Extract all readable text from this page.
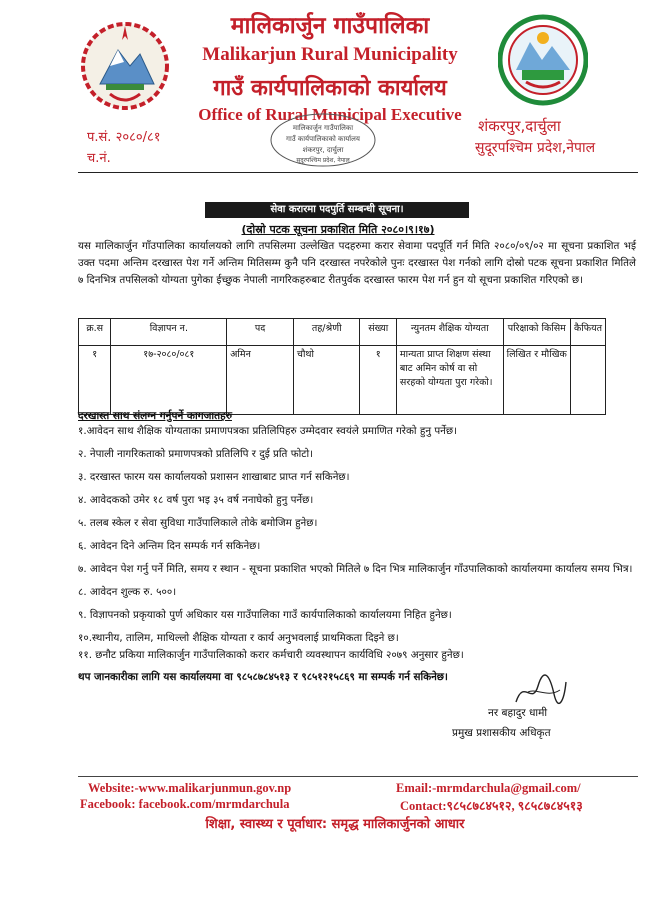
मालिकार्जुन गाउँपालिका
Malikarjun Rural Municipality
गाउँ कार्यपालिकाको कार्यालय
Office of Rural Municipal Executive
प.सं. २०८०/८१
च.नं.
शंकरपुर,दार्चुला
सुदूरपश्चिम प्रदेश,नेपाल
मालिकार्जुन गाउँपालिका
गाउँ कार्यपालिकाको कार्यालय
शंकरपुर, दार्चुला
सुदूरपश्चिम प्रदेश, नेपाल
सेवा करारमा पदपुर्ति सम्बन्धी सूचना।
(दोस्रो पटक सूचना प्रकाशित मिति २०८०।९।१७)
यस मालिकार्जुन गाँउपालिका कार्यालयको लागि तपसिलमा उल्लेखित पदहरुमा करार सेवामा पदपूर्ति गर्न मिति २०८०/०९/०२ मा सूचना प्रकाशित भई उक्त पदमा अन्तिम दरखास्त पेश गर्ने अन्तिम मितिसम्म कुनै पनि दरखास्त नपरेकोले पुनः दरखास्त पेश गर्नको लागि दोस्रो पटक सूचना प्रकाशित मितिले ७ दिनभित्र तपसिलको योग्यता पुगेका ईच्छुक नेपाली नागरिकहरुबाट रीतपुर्वक दरखास्त फारम पेश गर्न हुन यो सूचना प्रकाशित गरिएको छ।
क्र.स	विज्ञापन न.	पद	तह/श्रेणी	संख्या	न्युनतम शैक्षिक योग्यता	परिक्षाको किसिम	कैफियत
१	१७-२०८०/०८१	अमिन	चौथो	१	मान्यता प्राप्त शिक्षण संस्था बाट अमिन कोर्ष वा सो सरहको योग्यता पुरा गरेको।	लिखित र मौखिक	
दरखास्त साथ संलग्न गर्नुपर्ने कागजातहरु
१.आवेदन साथ शैक्षिक योग्यताका प्रमाणपत्रका प्रतिलिपिहरु उम्मेदवार स्वयंले प्रमाणित गरेको हुनु पर्नेछ।
२. नेपाली नागरिकताको प्रमाणपत्रको प्रतिलिपि र दुई प्रति फोटो।
३. दरखास्त फारम यस कार्यालयको प्रशासन शाखाबाट प्राप्त गर्न सकिनेछ।
४. आवेदकको उमेर १८ वर्ष पुरा भइ ३५ वर्ष ननाघेको हुनु पर्नेछ।
५. तलब स्केल र सेवा सुविधा गाउँपालिकाले तोके बमोजिम हुनेछ।
६. आवेदन दिने अन्तिम दिन सम्पर्क गर्न सकिनेछ।
७. आवेदन पेश गर्नु पर्ने मिति, समय र स्थान - सूचना प्रकाशित भएको मितिले ७ दिन भित्र मालिकार्जुन गाँउपालिकाको कार्यालयमा कार्यालय समय भित्र।
८. आवेदन शुल्क रु. ५००।
९. विज्ञापनको प्रकृयाको पुर्ण अधिकार यस गाउँपालिका गाउँ कार्यपालिकाको कार्यालयमा निहित हुनेछ।
१०.स्थानीय, तालिम, माथिल्लो शैक्षिक योग्यता र कार्य अनुभवलाई प्राथमिकता दिइने छ।
११. छनौट प्रकिया मालिकार्जुन गाउँपालिकाको करार कर्मचारी व्यवस्थापन कार्यविधि २०७९ अनुसार हुनेछ।
थप जानकारीका लागि यस कार्यालयमा वा ९८५८७८४५१३ र ९८५१२१५८६९ मा सम्पर्क गर्न सकिनेछ।
नर बहादुर धामी
प्रमुख प्रशासकीय अधिकृत
Website:-www.malikarjunmun.gov.np
Facebook: facebook.com/mrmdarchula
Email:-mrmdarchula@gmail.com/
Contact:९८५८७८४५१२, ९८५८७८४५१३
शिक्षा, स्वास्थ्य र पूर्वाधार: समृद्ध मालिकार्जुनको आधार
